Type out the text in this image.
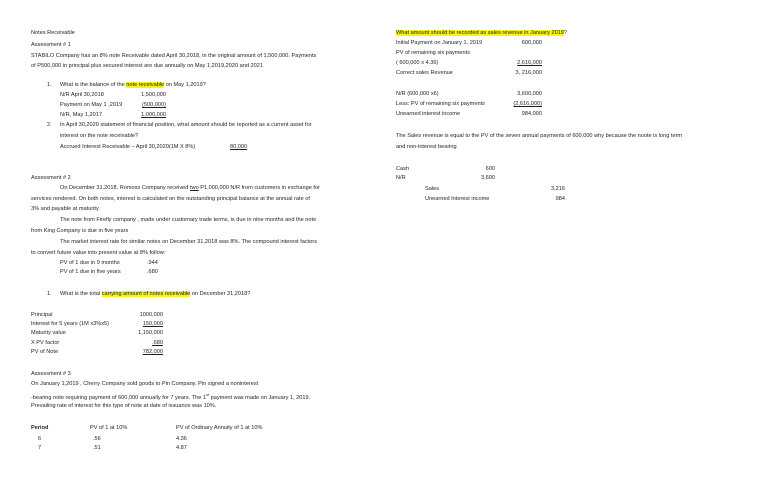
Notes Receivable
Assessment # 1
STABILO Company has an 8% note Receivable dated April 30,2018, in the original amount of 1,500,000. Payments
of P500,000 in principal plus secured interest are due annually on May 1,2019,2020 and 2021
1. What is the balance of the note receivable on May 1,2019?
N/R April 30,2018	1,500,000
Payment on May 1 ,2019	(500,000)
N/R, May 1,2017	1,000,000
2. In April 30,2020 statement of financial position, what amount should be reported as a current asset for
interest on the note receivable?
Accrued Interest Receivable – April 30,2020(1M X 8%)	80,000
Assessment # 2
On December 31,2018, Romoss Company received two P1,000,000 N/R from customers in exchange for
services rendered. On both notes, interest is calculated on the outstanding principal balance at the annual rate of
3% and payable at maturity.
The note from Firefly company , made under customary trade terms, is due in nine months and the note
from King Company is due in five years
The market interest rate for similar notes on December 31,2018 was 8%. The compound interest factors
to convert future value into present value at 8% follow:
PV of 1 due in 9 months	.944
PV of 1 due in five years	.680
1. What is the total carrying amount of notes receivable on December 31,2018?
Principal	1000,000
Interest for 5 years (1M x3%x5)	150,000
Maturity value	1,150,000
X PV factor	.680
PV of Note	782,000
Assessment # 3
On January 1,2019 , Cherry Company sold goods to Pin Company. Pin signed a noninterest
-bearing note requiring payment of 600,000 annually for 7 years. The 1st payment was made on January 1, 2019.
Prevailing rate of interest for this type of note at date of issuance was 10%.
Period	PV of 1 at 10%	PV of Ordinary Annuity of 1 at 10%
6	.56	4.36
7	.51	4.87
What amount should be recorded as sales revenue in January 2019?
Initial Payment on January 1, 2019	600,000
PV of remaining six payments
( 600,000 x 4.36)	2,616,000
Correct sales Revenue	3, 216,000
N/R (600,000 x6)	3,600,000
Less: PV of remaining six payments	(2,616,000)
Unearned interest income	984,000
The Sales revenue is equal to the PV of the seven annual payments of 600,000 why because the noote is long term
and non-interest bearing
Cash	600
N/R	3,600
Sales	3,216
Unearned Interest income	984
